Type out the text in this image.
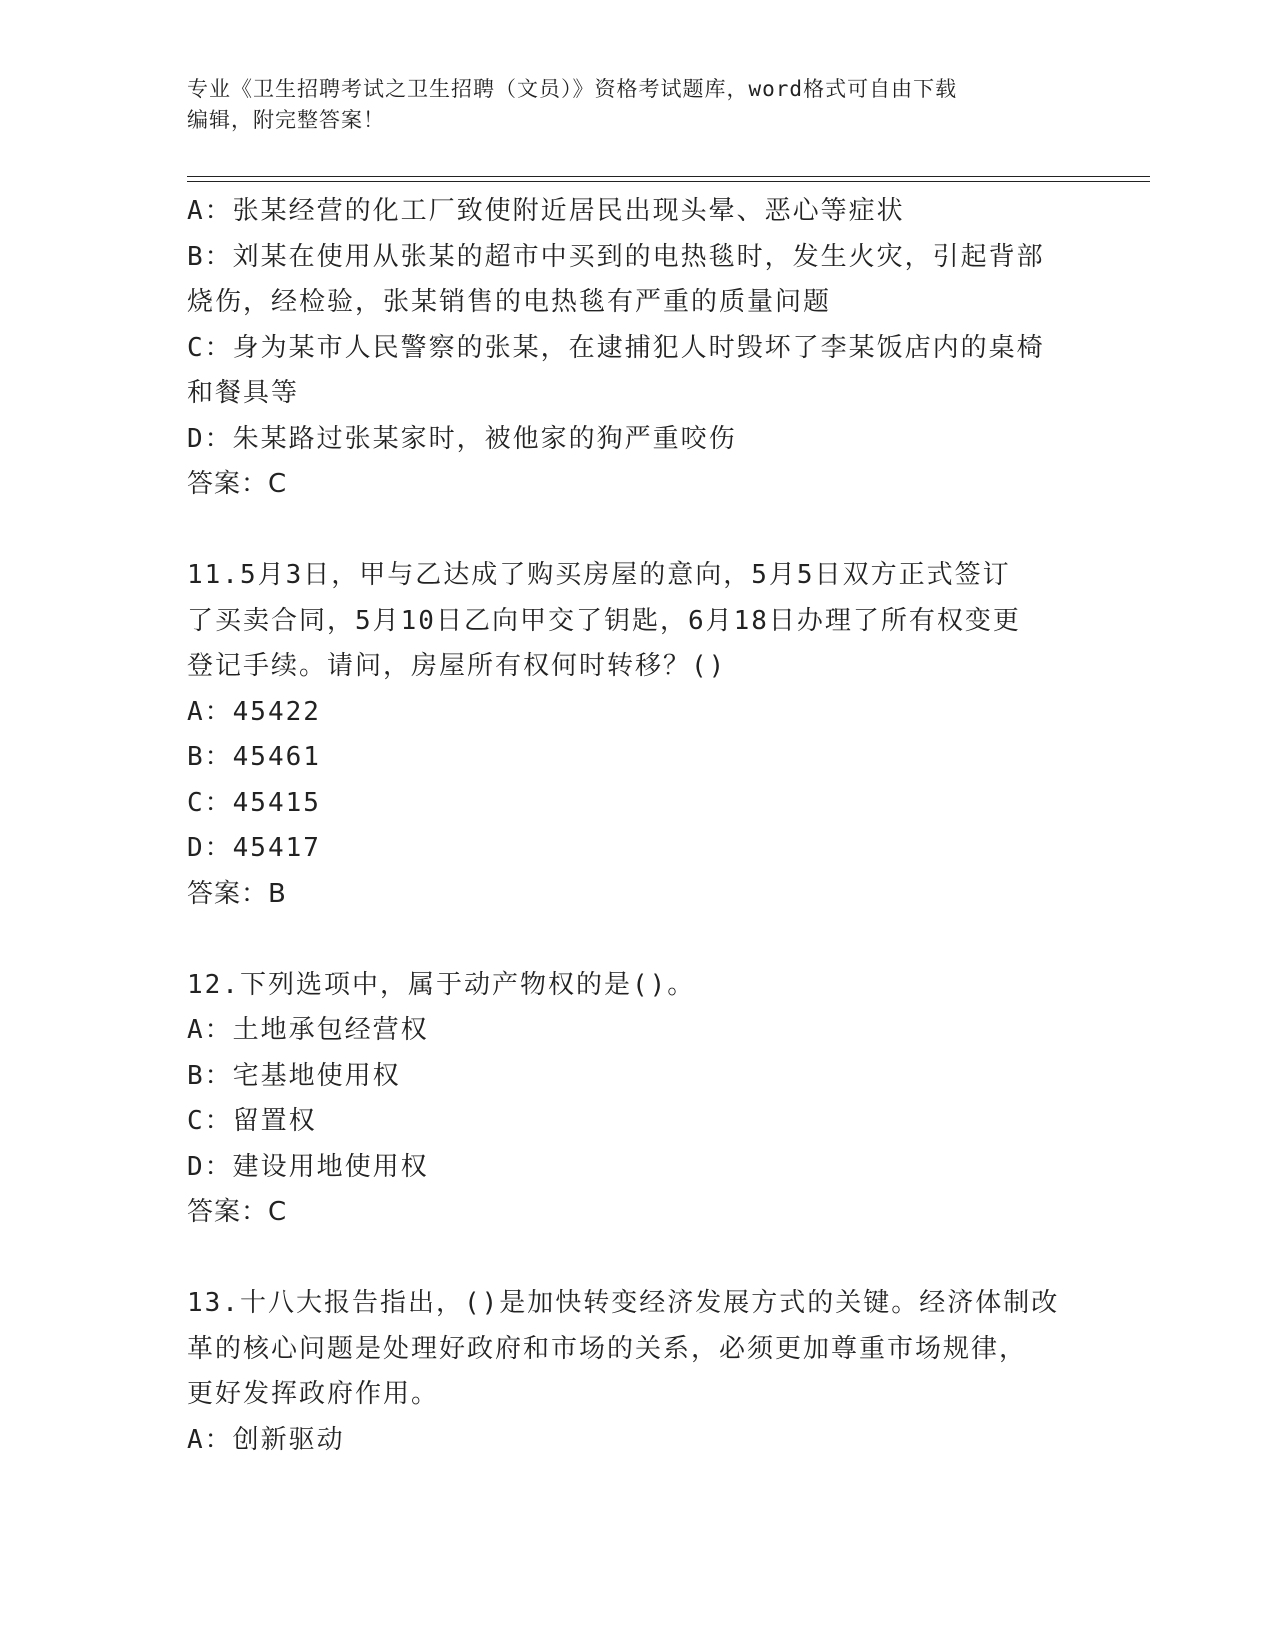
专业《卫生招聘考试之卫生招聘（文员）》资格考试题库，word格式可自由下载
编辑，附完整答案！
A：张某经营的化工厂致使附近居民出现头晕、恶心等症状
B：刘某在使用从张某的超市中买到的电热毯时，发生火灾，引起背部
烧伤，经检验，张某销售的电热毯有严重的质量问题
C：身为某市人民警察的张某，在逮捕犯人时毁坏了李某饭店内的桌椅
和餐具等
D：朱某路过张某家时，被他家的狗严重咬伤
答案：C
11.5月3日，甲与乙达成了购买房屋的意向，5月5日双方正式签订
了买卖合同，5月10日乙向甲交了钥匙，6月18日办理了所有权变更
登记手续。请问，房屋所有权何时转移？()
A：45422
B：45461
C：45415
D：45417
答案：B
12.下列选项中，属于动产物权的是()。
A：土地承包经营权
B：宅基地使用权
C：留置权
D：建设用地使用权
答案：C
13.十八大报告指出，()是加快转变经济发展方式的关键。经济体制改
革的核心问题是处理好政府和市场的关系，必须更加尊重市场规律，
更好发挥政府作用。
A：创新驱动
